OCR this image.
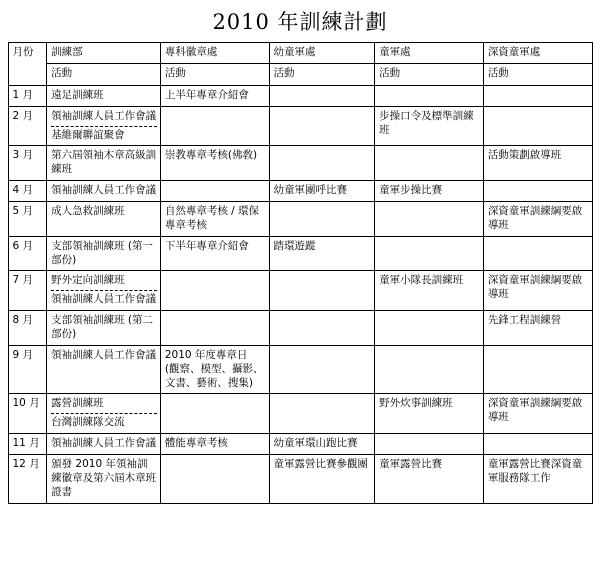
2010 年訓練計劃
月份	訓練部	專科徽章處	幼童軍處	童軍處	深資童軍處
	活動	活動	活動	活動	活動
1 月	遠足訓練班	上半年專章介紹會			

2 月	領袖訓練人員工作會議
基維爾聯誼聚會			步操口令及標準訓練班	

3 月	第六屆領袖木章高級訓練班	崇教專章考核(佛敎)			活動策劃啟導班

4 月	領袖訓練人員工作會議		幼童軍團呼比賽	童軍步操比賽	

5 月	成人急救訓練班	自然專章考核 / 環保專章考核			深資童軍訓練綱要啟導班

6 月	支部領袖訓練班 (第一部份)	下半年專章介紹會	踏環遊蹤		

7 月	野外定向訓練班
領袖訓練人員工作會議			童軍小隊長訓練班	深資童軍訓練綱要啟導班

8 月	支部領袖訓練班 (第二部份)				先鋒工程訓練營

9 月	領袖訓練人員工作會議	2010 年度專章日
(觀察、模型、攝影、文書、藝術、搜集)			

10 月	露營訓練班
台灣訓練隊交流			野外炊事訓練班	深資童軍訓練綱要啟導班

11 月	領袖訓練人員工作會議	體能專章考核	幼童軍環山跑比賽		

12 月	頒發 2010 年領袖訓練徽章及第六屆木章班證書		童軍露營比賽參觀團	童軍露營比賽	童軍露營比賽深資童軍服務隊工作
